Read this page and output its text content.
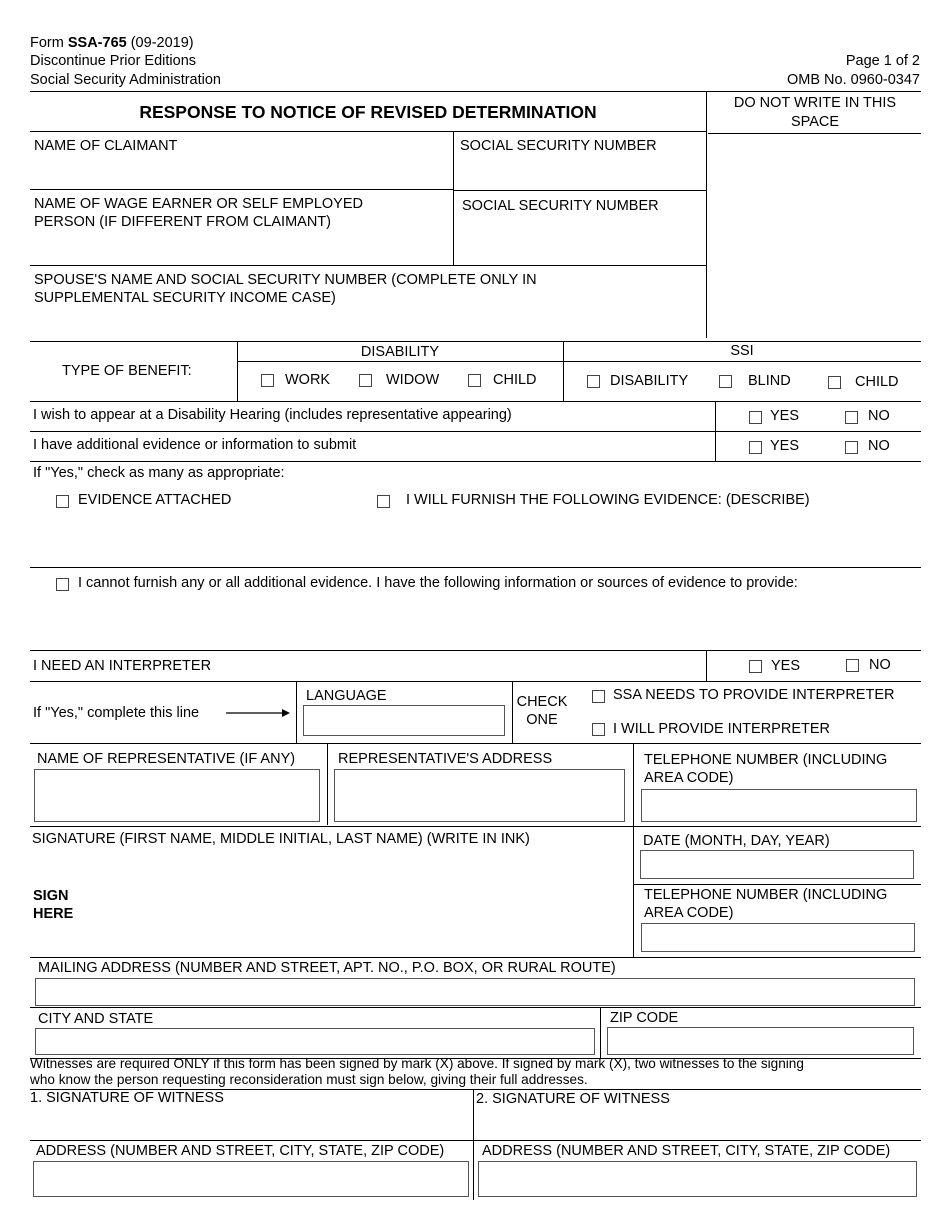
Form SSA-765 (09-2019)
Discontinue Prior Editions
Social Security Administration
Page 1 of 2
OMB No. 0960-0347
RESPONSE TO NOTICE OF REVISED DETERMINATION	DO NOT WRITE IN THIS SPACE
NAME OF CLAIMANT	SOCIAL SECURITY NUMBER
NAME OF WAGE EARNER OR SELF EMPLOYED
PERSON (IF DIFFERENT FROM CLAIMANT)
SOCIAL SECURITY NUMBER
SPOUSE'S NAME AND SOCIAL SECURITY NUMBER (COMPLETE ONLY IN
SUPPLEMENTAL SECURITY INCOME CASE)
TYPE OF BENEFIT:
DISABILITY	SSI
WORK	WIDOW	CHILD	DISABILITY	BLIND	CHILD
I wish to appear at a Disability Hearing (includes representative appearing)	YES	NO
I have additional evidence or information to submit	YES	NO
If "Yes," check as many as appropriate:
EVIDENCE ATTACHED	I WILL FURNISH THE FOLLOWING EVIDENCE: (DESCRIBE)
I cannot furnish any or all additional evidence. I have the following information or sources of evidence to provide:
I NEED AN INTERPRETER	YES	NO
If "Yes," complete this line
LANGUAGE	CHECK
ONE
SSA NEEDS TO PROVIDE INTERPRETER
I WILL PROVIDE INTERPRETER
NAME OF REPRESENTATIVE (IF ANY)	REPRESENTATIVE'S ADDRESS	TELEPHONE NUMBER (INCLUDING
AREA CODE)
SIGNATURE (FIRST NAME, MIDDLE INITIAL, LAST NAME) (WRITE IN INK)
SIGN
HERE
DATE (MONTH, DAY, YEAR)
TELEPHONE NUMBER (INCLUDING
AREA CODE)
MAILING ADDRESS (NUMBER AND STREET, APT. NO., P.O. BOX, OR RURAL ROUTE)
CITY AND STATE	ZIP CODE
Witnesses are required ONLY if this form has been signed by mark (X) above. If signed by mark (X), two witnesses to the signing
who know the person requesting reconsideration must sign below, giving their full addresses.
1. SIGNATURE OF WITNESS	2. SIGNATURE OF WITNESS
ADDRESS (NUMBER AND STREET, CITY, STATE, ZIP CODE)	ADDRESS (NUMBER AND STREET, CITY, STATE, ZIP CODE)
